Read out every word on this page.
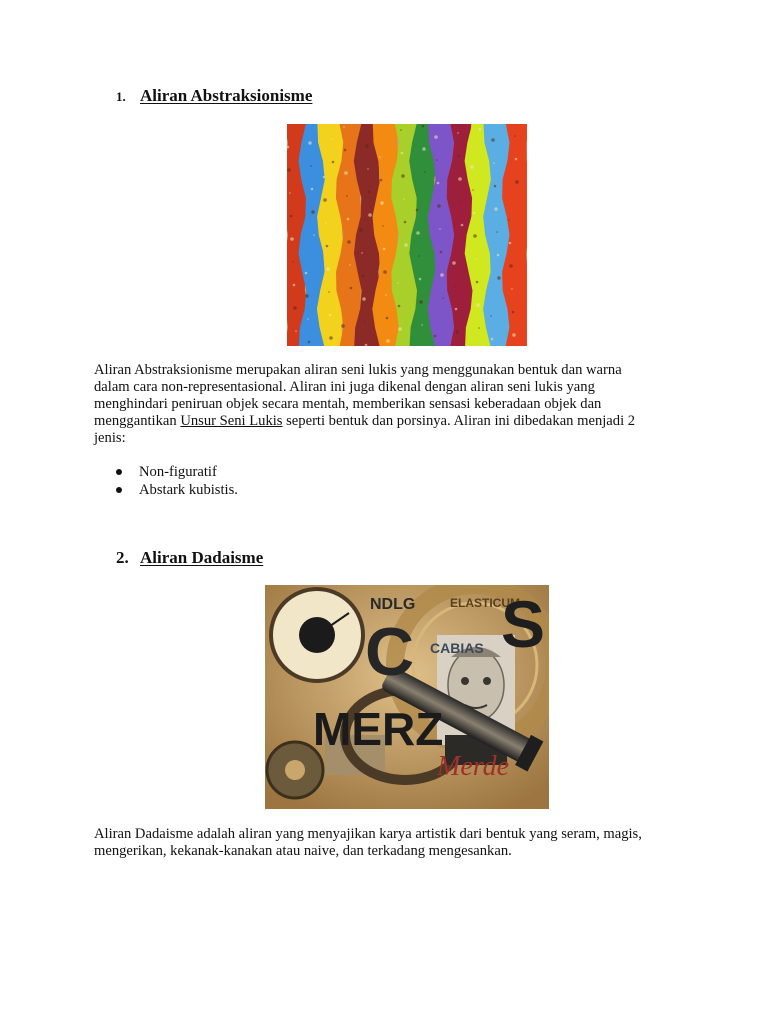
1. Aliran Abstraksionisme
Aliran Abstraksionisme merupakan aliran seni lukis yang menggunakan bentuk dan warna
dalam cara non-representasional. Aliran ini juga dikenal dengan aliran seni lukis yang
menghindari peniruan objek secara mentah, memberikan sensasi keberadaan objek dan
menggantikan Unsur Seni Lukis seperti bentuk dan porsinya. Aliran ini dibedakan menjadi 2
jenis:
Non-figuratif
Abstark kubistis.
2. Aliran Dadaisme
NDLG	ELASTICUM
C S
MERZ
CABIAS
Merde
Aliran Dadaisme adalah aliran yang menyajikan karya artistik dari bentuk yang seram, magis,
mengerikan, kekanak-kanakan atau naive, dan terkadang mengesankan.
